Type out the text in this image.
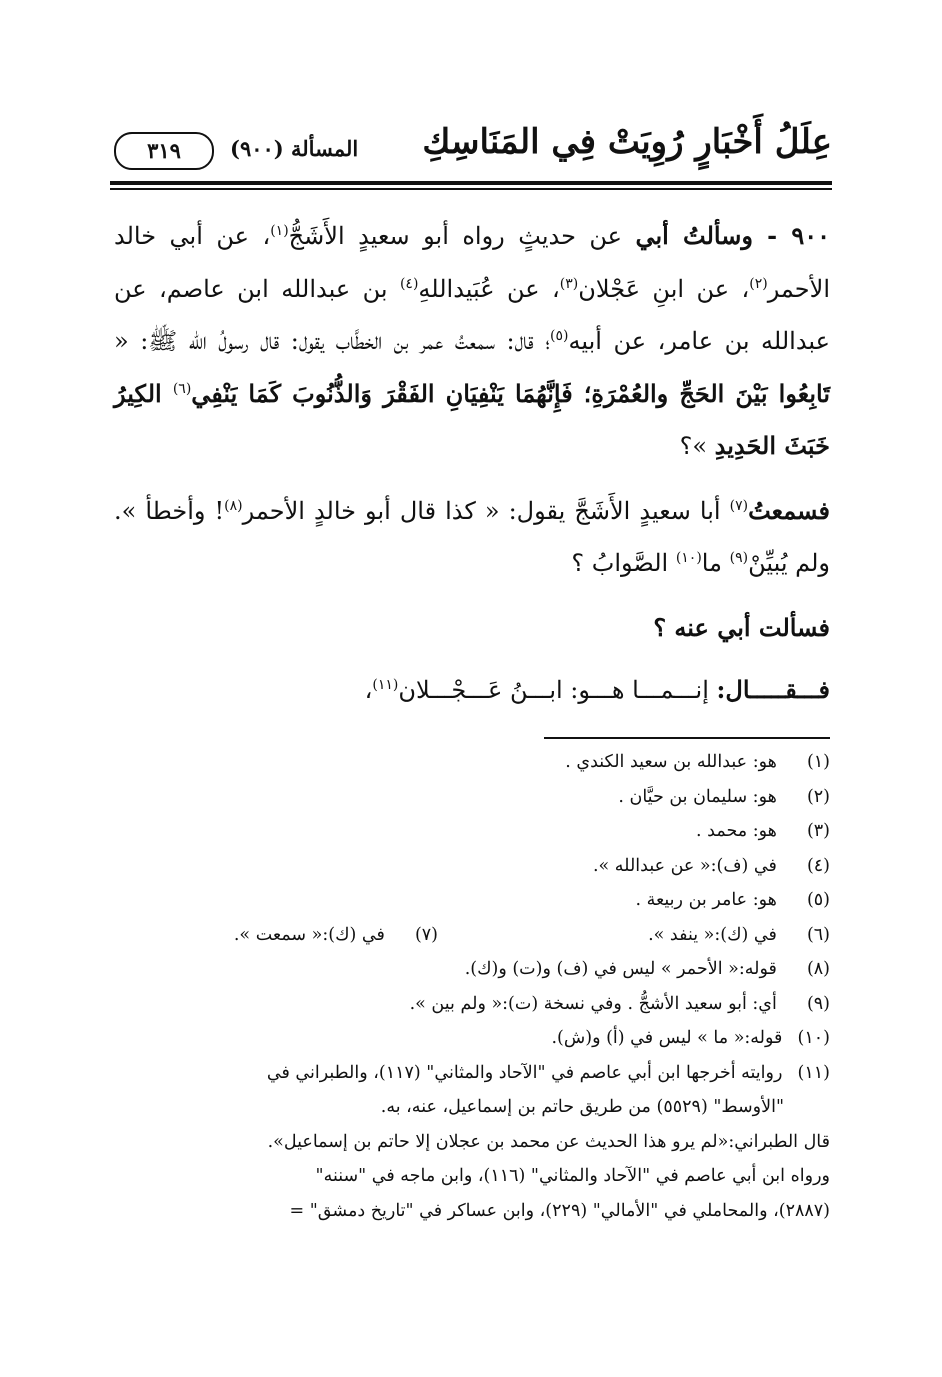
عِلَلُ أَخْبَارٍ رُوِيَتْ فِي المَنَاسِكِ
المسألة (٩٠٠)
٣١٩

٩٠٠ - وسألتُ أبي عن حديثٍ رواه أبو سعيدٍ الأَشَجُّ$^{(١)}$، عن أبي خالد الأحمر$^{(٢)}$، عن ابنِ عَجْلان$^{(٣)}$، عن عُبَيداللهِ$^{(٤)}$ بن عبدالله ابن عاصم، عن عبدالله بن عامر، عن أبيه$^{(٥)}$؛ قال: سمعتُ عمر بن الخطَّاب يقول: قال رسولُ الله ﷺ: « تَابِعُوا بَيْنَ الحَجِّ والعُمْرَةِ؛ فَإِنَّهُمَا يَنْفِيَانِ الفَقْرَ وَالذُّنُوبَ كَمَا يَنْفِي$^{(٦)}$ الكِيرُ خَبَثَ الحَدِيدِ »؟

فسمعتُ$^{(٧)}$ أبا سعيدٍ الأَشَجَّ يقول: « كذا قال أبو خالدٍ الأحمر$^{(٨)}$! وأخطأ ». ولم يُبيِّنْ$^{(٩)}$ ما$^{(١٠)}$ الصَّوابُ ؟

فسألت أبي عنه ؟

فـــقـــــال: إنـــمـــا هـــو: ابـــنُ عَـــجْـــلان$^{(١١)}$،

(١)  هو: عبدالله بن سعيد الكندي .
(٢)  هو: سليمان بن حيَّان .
(٣)  هو: محمد .
(٤)  في (ف):« عن عبدالله ».
(٥)  هو: عامر بن ربيعة .
(٦)  في (ك):« ينفد ».
(٧)  في (ك):« سمعت ».
(٨)  قوله:« الأحمر » ليس في (ف) و(ت) و(ك).
(٩)  أي: أبو سعيد الأشجُّ . وفي نسخة (ت):« ولم بين ».
(١٠) قوله:« ما » ليس في (أ) و(ش).
(١١) روايته أخرجها ابن أبي عاصم في "الآحاد والمثاني" (١١٧)، والطبراني في
"الأوسط" (٥٥٢٩) من طريق حاتم بن إسماعيل، عنه، به.
قال الطبراني:«لم يرو هذا الحديث عن محمد بن عجلان إلا حاتم بن إسماعيل».
ورواه ابن أبي عاصم في "الآحاد والمثاني" (١١٦)، وابن ماجه في "سننه"
(٢٨٨٧)، والمحاملي في "الأمالي" (٢٢٩)، وابن عساكر في "تاريخ دمشق" =
